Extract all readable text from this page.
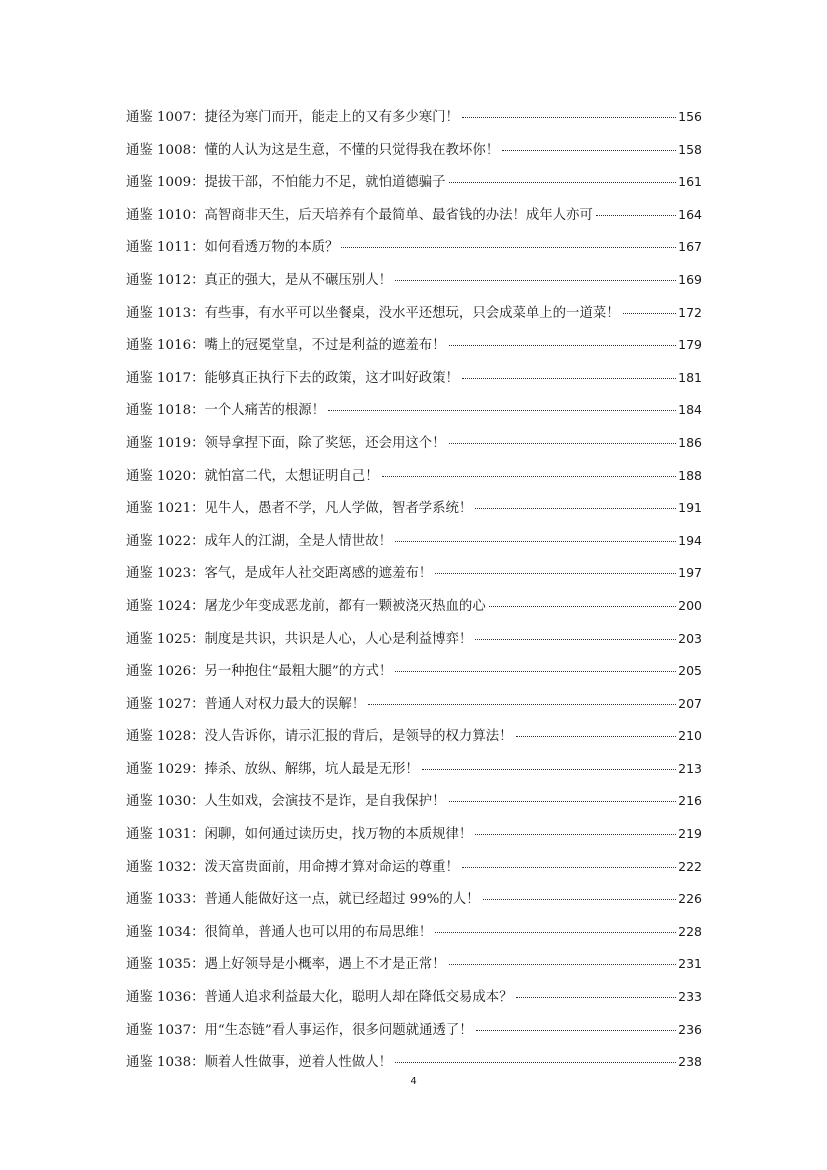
通鉴 1007： 捷径为寒门而开，能走上的又有多少寒门！	156
通鉴 1008： 懂的人认为这是生意，不懂的只觉得我在教坏你！	158
通鉴 1009： 提拔干部，不怕能力不足，就怕道德骗子	161
通鉴 1010： 高智商非天生，后天培养有个最简单、最省钱的办法！成年人亦可	164
通鉴 1011： 如何看透万物的本质？	167
通鉴 1012： 真正的强大，是从不碾压别人！	169
通鉴 1013： 有些事，有水平可以坐餐桌，没水平还想玩，只会成菜单上的一道菜！	172
通鉴 1016： 嘴上的冠冕堂皇，不过是利益的遮羞布！	179
通鉴 1017： 能够真正执行下去的政策，这才叫好政策！	181
通鉴 1018： 一个人痛苦的根源！	184
通鉴 1019： 领导拿捏下面，除了奖惩，还会用这个！	186
通鉴 1020： 就怕富二代，太想证明自己！	188
通鉴 1021： 见牛人，愚者不学，凡人学做，智者学系统！	191
通鉴 1022： 成年人的江湖，全是人情世故！	194
通鉴 1023： 客气，是成年人社交距离感的遮羞布！	197
通鉴 1024： 屠龙少年变成恶龙前，都有一颗被浇灭热血的心	200
通鉴 1025： 制度是共识，共识是人心，人心是利益博弈！	203
通鉴 1026： 另一种抱住“最粗大腿”的方式！	205
通鉴 1027： 普通人对权力最大的误解！	207
通鉴 1028： 没人告诉你，请示汇报的背后，是领导的权力算法！	210
通鉴 1029： 捧杀、放纵、解绑，坑人最是无形！	213
通鉴 1030： 人生如戏，会演技不是诈，是自我保护！	216
通鉴 1031： 闲聊，如何通过读历史，找万物的本质规律！	219
通鉴 1032： 泼天富贵面前，用命搏才算对命运的尊重！	222
通鉴 1033： 普通人能做好这一点，就已经超过 99%的人！	226
通鉴 1034： 很简单，普通人也可以用的布局思维！	228
通鉴 1035： 遇上好领导是小概率，遇上不才是正常！	231
通鉴 1036： 普通人追求利益最大化，聪明人却在降低交易成本？	233
通鉴 1037： 用“生态链”看人事运作，很多问题就通透了！	236
通鉴 1038： 顺着人性做事，逆着人性做人！	238
4
